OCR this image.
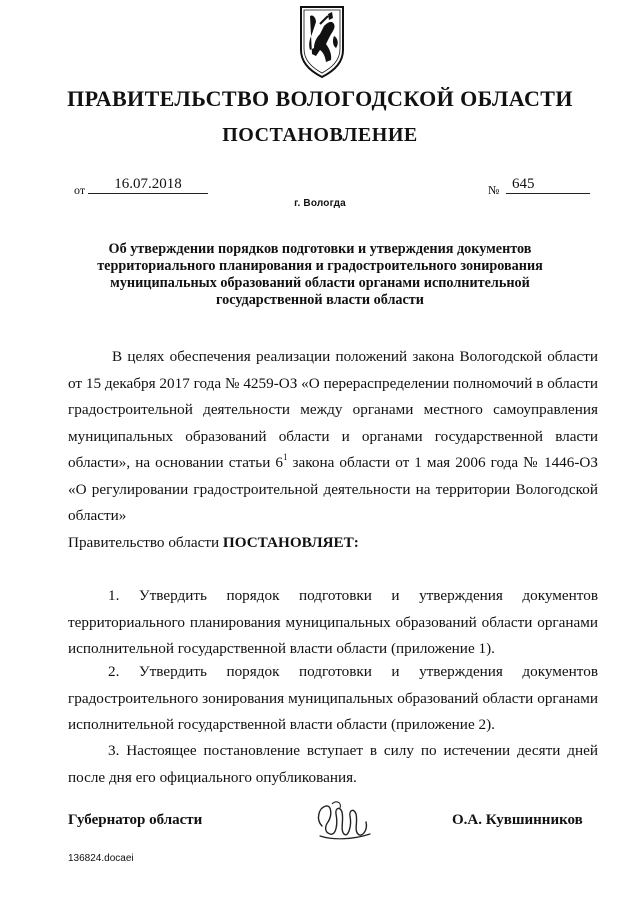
ПРАВИТЕЛЬСТВО ВОЛОГОДСКОЙ ОБЛАСТИ
ПОСТАНОВЛЕНИЕ
от	16.07.2018	№ 645
г. Вологда
Об утверждении порядков подготовки и утверждения документов территориального планирования и градостроительного зонирования муниципальных образований области органами исполнительной государственной власти области
В целях обеспечения реализации положений закона Вологодской области от 15 декабря 2017 года № 4259-ОЗ «О перераспределении полномочий в области градостроительной деятельности между органами местного самоуправления муниципальных образований области и органами государственной власти области», на основании статьи $6^1$ закона области от 1 мая 2006 года № 1446-ОЗ «О регулировании градостроительной деятельности на территории Вологодской области»
Правительство области ПОСТАНОВЛЯЕТ:
1. Утвердить порядок подготовки и утверждения документов территориального планирования муниципальных образований области органами исполнительной государственной власти области (приложение 1).
2. Утвердить порядок подготовки и утверждения документов градостроительного зонирования муниципальных образований области органами исполнительной государственной власти области (приложение 2).
3. Настоящее постановление вступает в силу по истечении десяти дней после дня его официального опубликования.
Губернатор области	О.А. Кувшинников
136824.docaei
